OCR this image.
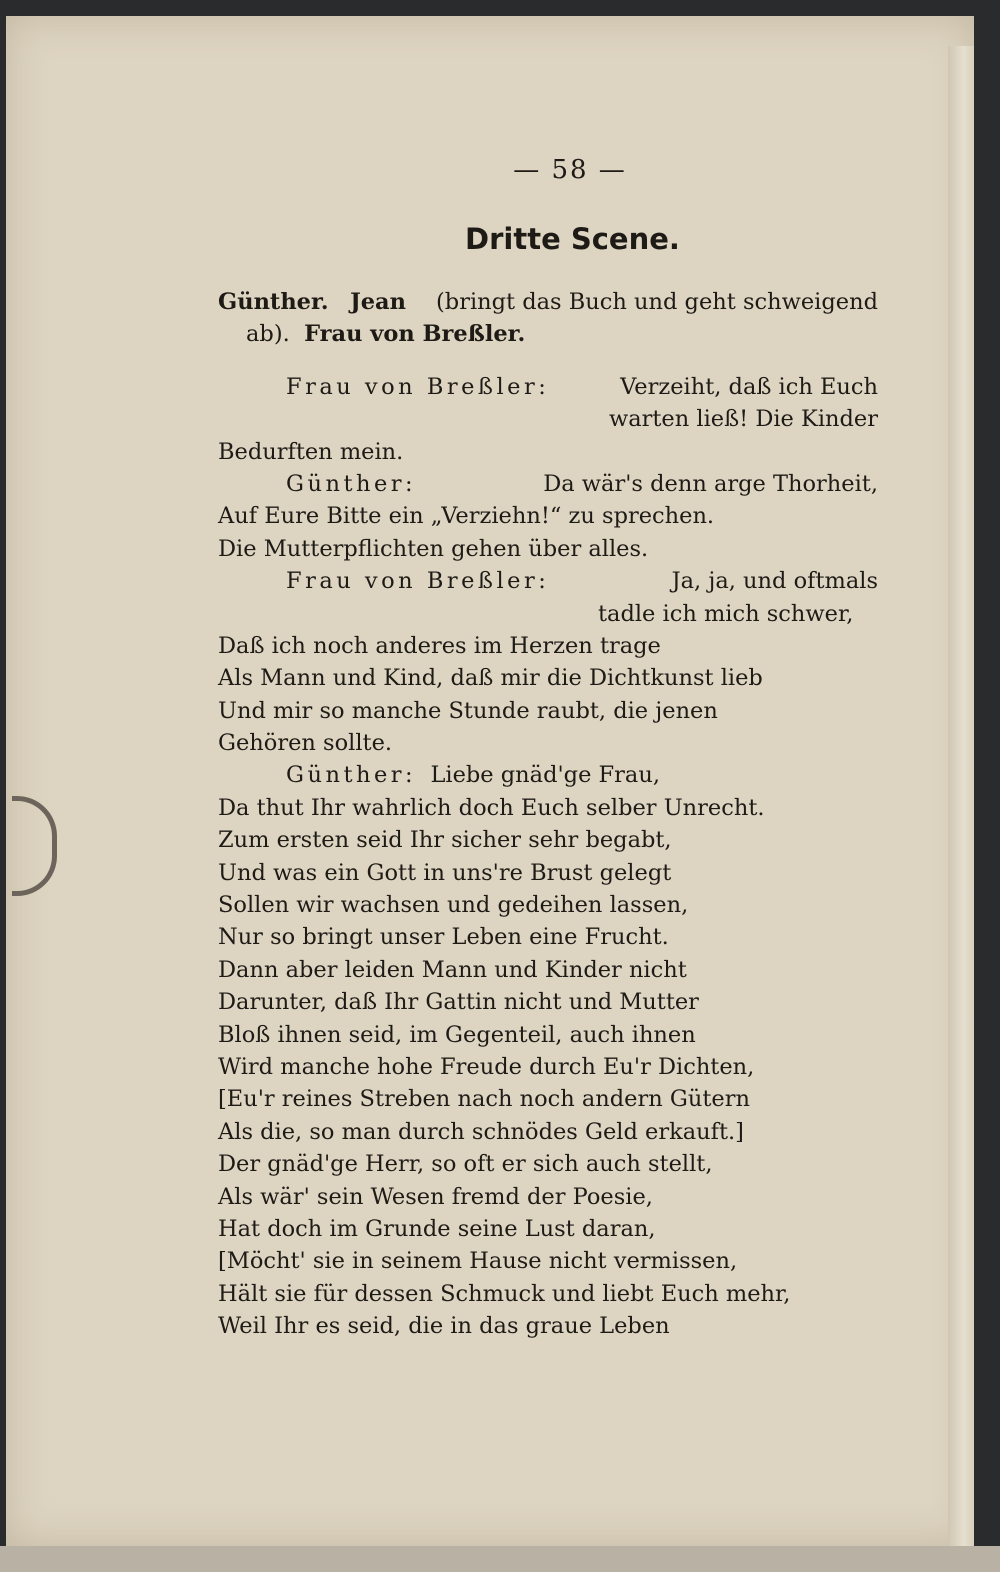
— 58 —
Dritte Scene.
Günther. Jean (bringt das Buch und geht schweigend
ab). Frau von Breßler.
Frau von Breßler:	Verzeiht, daß ich Euch
warten ließ! Die Kinder
Bedurften mein.
Günther:	Da wär's denn arge Thorheit,
Auf Eure Bitte ein „Verziehn!“ zu sprechen.
Die Mutterpflichten gehen über alles.
Frau von Breßler:	Ja, ja, und oftmals
tadle ich mich schwer,
Daß ich noch anderes im Herzen trage
Als Mann und Kind, daß mir die Dichtkunst lieb
Und mir so manche Stunde raubt, die jenen
Gehören sollte.
Günther: Liebe gnäd'ge Frau,
Da thut Ihr wahrlich doch Euch selber Unrecht.
Zum ersten seid Ihr sicher sehr begabt,
Und was ein Gott in uns're Brust gelegt
Sollen wir wachsen und gedeihen lassen,
Nur so bringt unser Leben eine Frucht.
Dann aber leiden Mann und Kinder nicht
Darunter, daß Ihr Gattin nicht und Mutter
Bloß ihnen seid, im Gegenteil, auch ihnen
Wird manche hohe Freude durch Eu'r Dichten,
[Eu'r reines Streben nach noch andern Gütern
Als die, so man durch schnödes Geld erkauft.]
Der gnäd'ge Herr, so oft er sich auch stellt,
Als wär' sein Wesen fremd der Poesie,
Hat doch im Grunde seine Lust daran,
[Möcht' sie in seinem Hause nicht vermissen,
Hält sie für dessen Schmuck und liebt Euch mehr,
Weil Ihr es seid, die in das graue Leben
